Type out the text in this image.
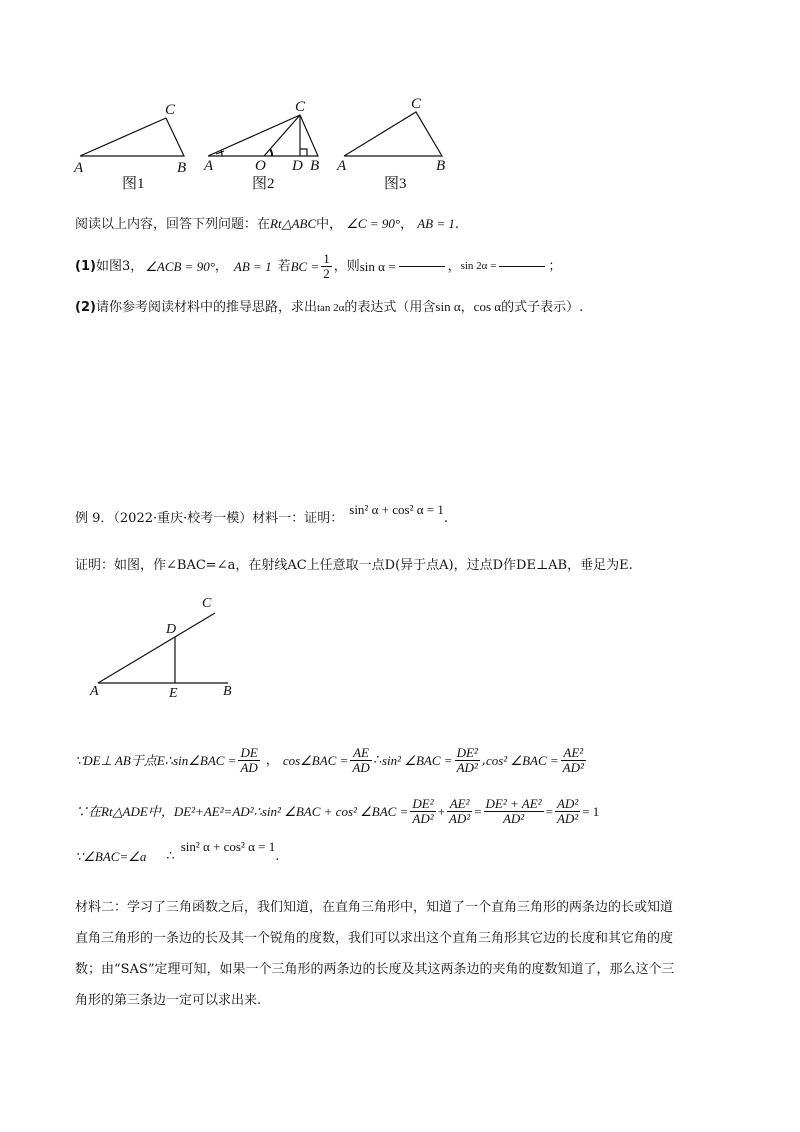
C
A	B
图1
C
A	O D B
图2
C
A	B
图3
阅读以上内容，回答下列问题：在Rt△ABC中， ∠C = 90°， AB = 1.
(1) 如图3， ∠ACB = 90° ， AB = 1 若 BC = $\frac{1}{2}$ ，则 sin α =	， sin 2α =	；
(2)请你参考阅读材料中的推导思路，求出tan 2α的表达式（用含sin α，cos α的式子表示）.
例 9．（2022·重庆·校考一模）材料一：证明：
sin² α + cos² α = 1
.
证明：如图，作∠BAC=∠a，在射线AC上任意取一点D(异于点A)，过点D作DE⊥AB，垂足为E.
C
D
A	E	B
∵DE⊥ AB于点E∴ sin∠BAC = $\frac{DE}{AD}$ ， cos∠BAC = $\frac{AE}{AD}$ ∴ sin² ∠BAC = $\frac{\text{DE²}}{\text{AD²}}$ , cos² ∠BAC = $\frac{\text{AE²}}{\text{AD²}}$
∵在Rt△ADE中，DE²+AE²=AD²∴ sin² ∠BAC + cos² ∠BAC = $\frac{\text{DE²}}{\text{AD²}} + \frac{\text{AE²}}{\text{AD²}} = \frac{\text{DE² + AE²}}{\text{AD²}} = \frac{\text{AD²}}{\text{AD²}} = 1$
∵∠BAC=∠a ∴
sin² α + cos² α = 1
.

材料二：学习了三角函数之后，我们知道，在直角三角形中，知道了一个直角三角形的两条边的长或知道

直角三角形的一条边的长及其一个锐角的度数，我们可以求出这个直角三角形其它边的长度和其它角的度

数；由“SAS”定理可知，如果一个三角形的两条边的长度及其这两条边的夹角的度数知道了，那么这个三

角形的第三条边一定可以求出来.
